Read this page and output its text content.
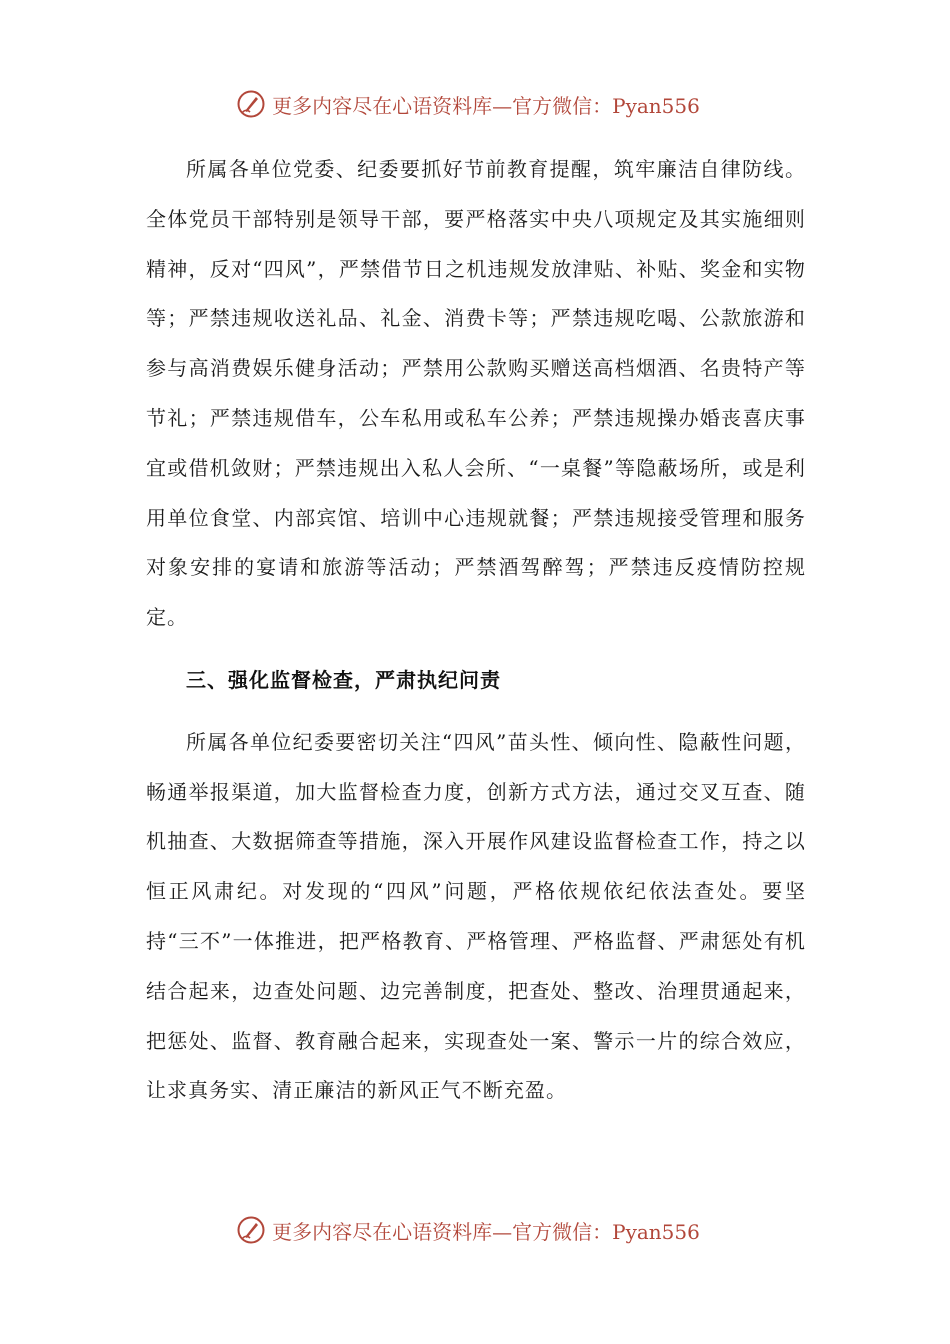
更多内容尽在心语资料库—官方微信：Pyan556

所属各单位党委、纪委要抓好节前教育提醒，筑牢廉洁自律防线。全体党员干部特别是领导干部，要严格落实中央八项规定及其实施细则精神，反对“四风”，严禁借节日之机违规发放津贴、补贴、奖金和实物等；严禁违规收送礼品、礼金、消费卡等；严禁违规吃喝、公款旅游和参与高消费娱乐健身活动；严禁用公款购买赠送高档烟酒、名贵特产等节礼；严禁违规借车，公车私用或私车公养；严禁违规操办婚丧喜庆事宜或借机敛财；严禁违规出入私人会所、“一桌餐”等隐蔽场所，或是利用单位食堂、内部宾馆、培训中心违规就餐；严禁违规接受管理和服务对象安排的宴请和旅游等活动；严禁酒驾醉驾；严禁违反疫情防控规定。

三、强化监督检查，严肃执纪问责

所属各单位纪委要密切关注“四风”苗头性、倾向性、隐蔽性问题，畅通举报渠道，加大监督检查力度，创新方式方法，通过交叉互查、随机抽查、大数据筛查等措施，深入开展作风建设监督检查工作，持之以恒正风肃纪。对发现的“四风”问题，严格依规依纪依法查处。要坚持“三不”一体推进，把严格教育、严格管理、严格监督、严肃惩处有机结合起来，边查处问题、边完善制度，把查处、整改、治理贯通起来，把惩处、监督、教育融合起来，实现查处一案、警示一片的综合效应，让求真务实、清正廉洁的新风正气不断充盈。

更多内容尽在心语资料库—官方微信：Pyan556
